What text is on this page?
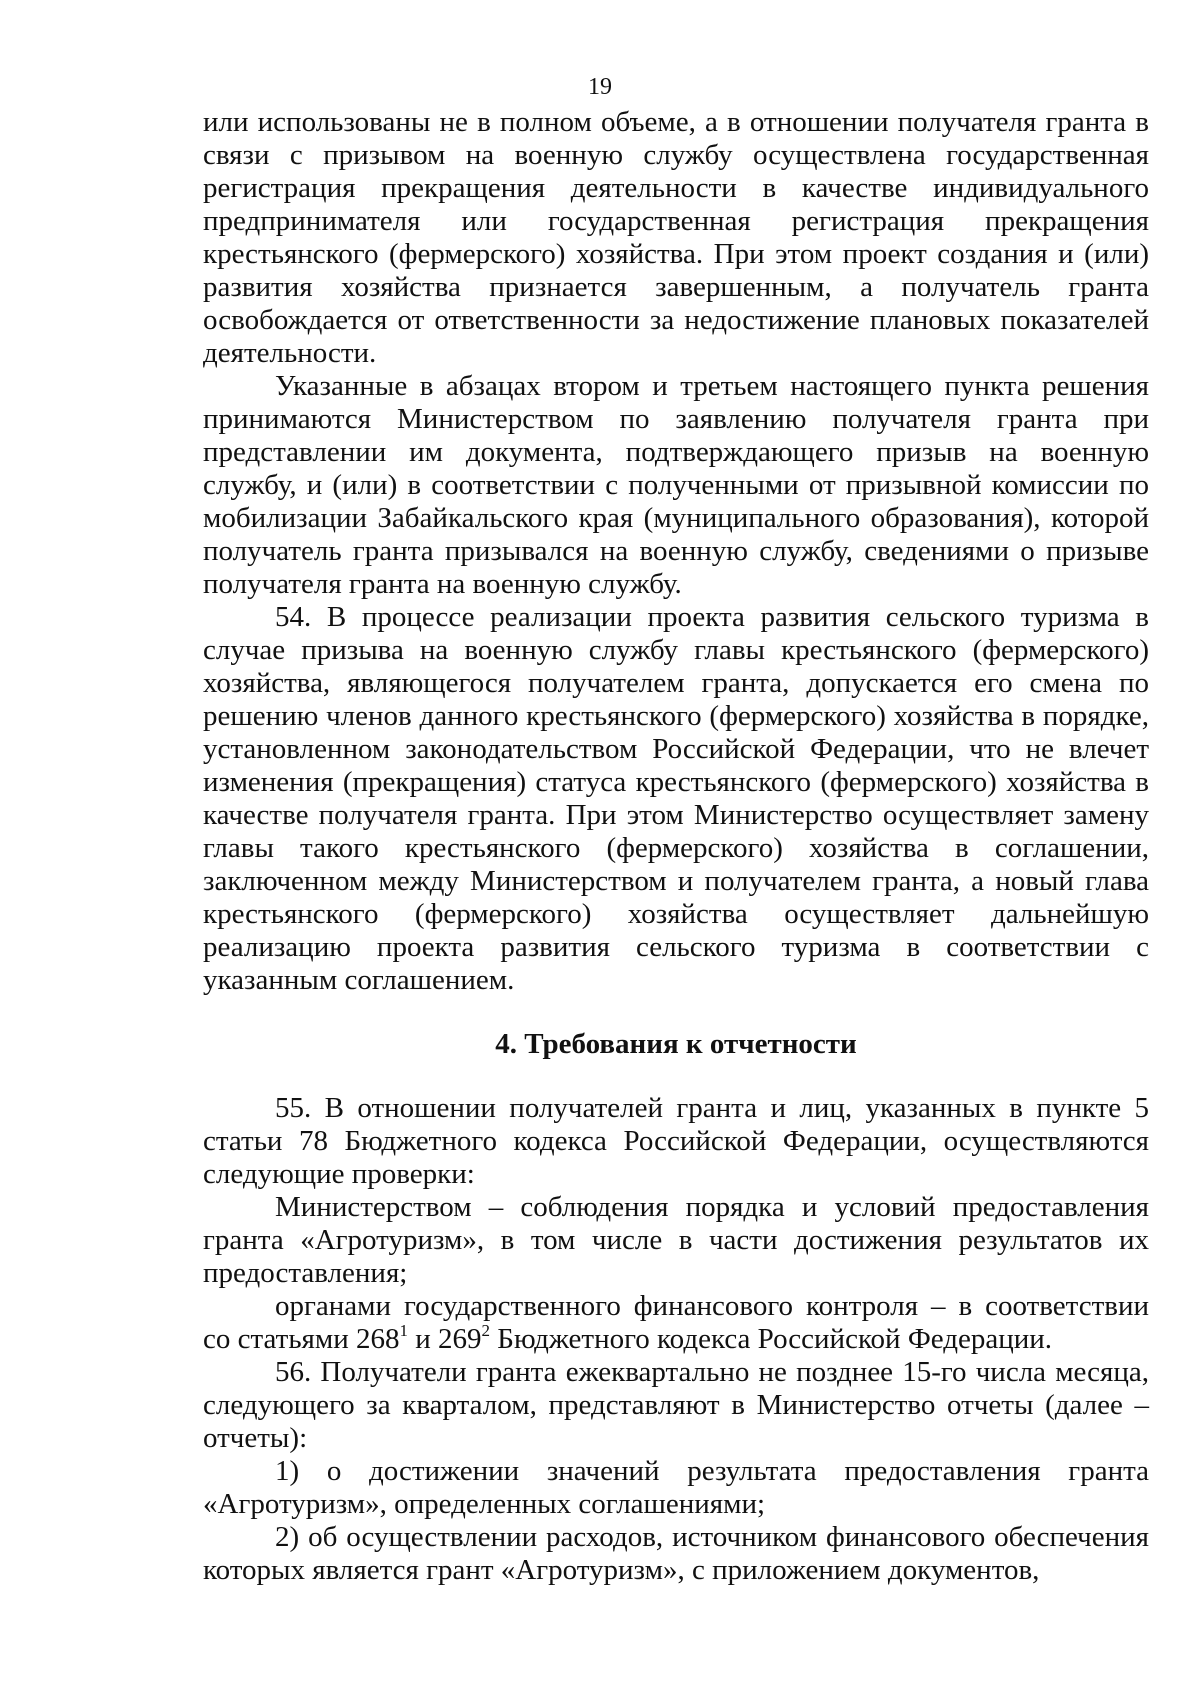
19

или использованы не в полном объеме, а в отношении получателя гранта в связи с призывом на военную службу осуществлена государственная регистрация прекращения деятельности в качестве индивидуального предпринимателя или государственная регистрация прекращения крестьянского (фермерского) хозяйства. При этом проект создания и (или) развития хозяйства признается завершенным, а получатель гранта освобождается от ответственности за недостижение плановых показателей деятельности.

Указанные в абзацах втором и третьем настоящего пункта решения принимаются Министерством по заявлению получателя гранта при представлении им документа, подтверждающего призыв на военную службу, и (или) в соответствии с полученными от призывной комиссии по мобилизации Забайкальского края (муниципального образования), которой получатель гранта призывался на военную службу, сведениями о призыве получателя гранта на военную службу.

54. В процессе реализации проекта развития сельского туризма в случае призыва на военную службу главы крестьянского (фермерского) хозяйства, являющегося получателем гранта, допускается его смена по решению членов данного крестьянского (фермерского) хозяйства в порядке, установленном законодательством Российской Федерации, что не влечет изменения (прекращения) статуса крестьянского (фермерского) хозяйства в качестве получателя гранта. При этом Министерство осуществляет замену главы такого крестьянского (фермерского) хозяйства в соглашении, заключенном между Министерством и получателем гранта, а новый глава крестьянского (фермерского) хозяйства осуществляет дальнейшую реализацию проекта развития сельского туризма в соответствии с указанным соглашением.

4. Требования к отчетности

55. В отношении получателей гранта и лиц, указанных в пункте 5 статьи 78 Бюджетного кодекса Российской Федерации, осуществляются следующие проверки:

Министерством – соблюдения порядка и условий предоставления гранта «Агротуризм», в том числе в части достижения результатов их предоставления;

органами государственного финансового контроля – в соответствии со статьями $268^1$ и $269^2$ Бюджетного кодекса Российской Федерации.

56. Получатели гранта ежеквартально не позднее 15-го числа месяца, следующего за кварталом, представляют в Министерство отчеты (далее – отчеты):

1) о достижении значений результата предоставления гранта «Агротуризм», определенных соглашениями;

2) об осуществлении расходов, источником финансового обеспечения которых является грант «Агротуризм», с приложением документов,
